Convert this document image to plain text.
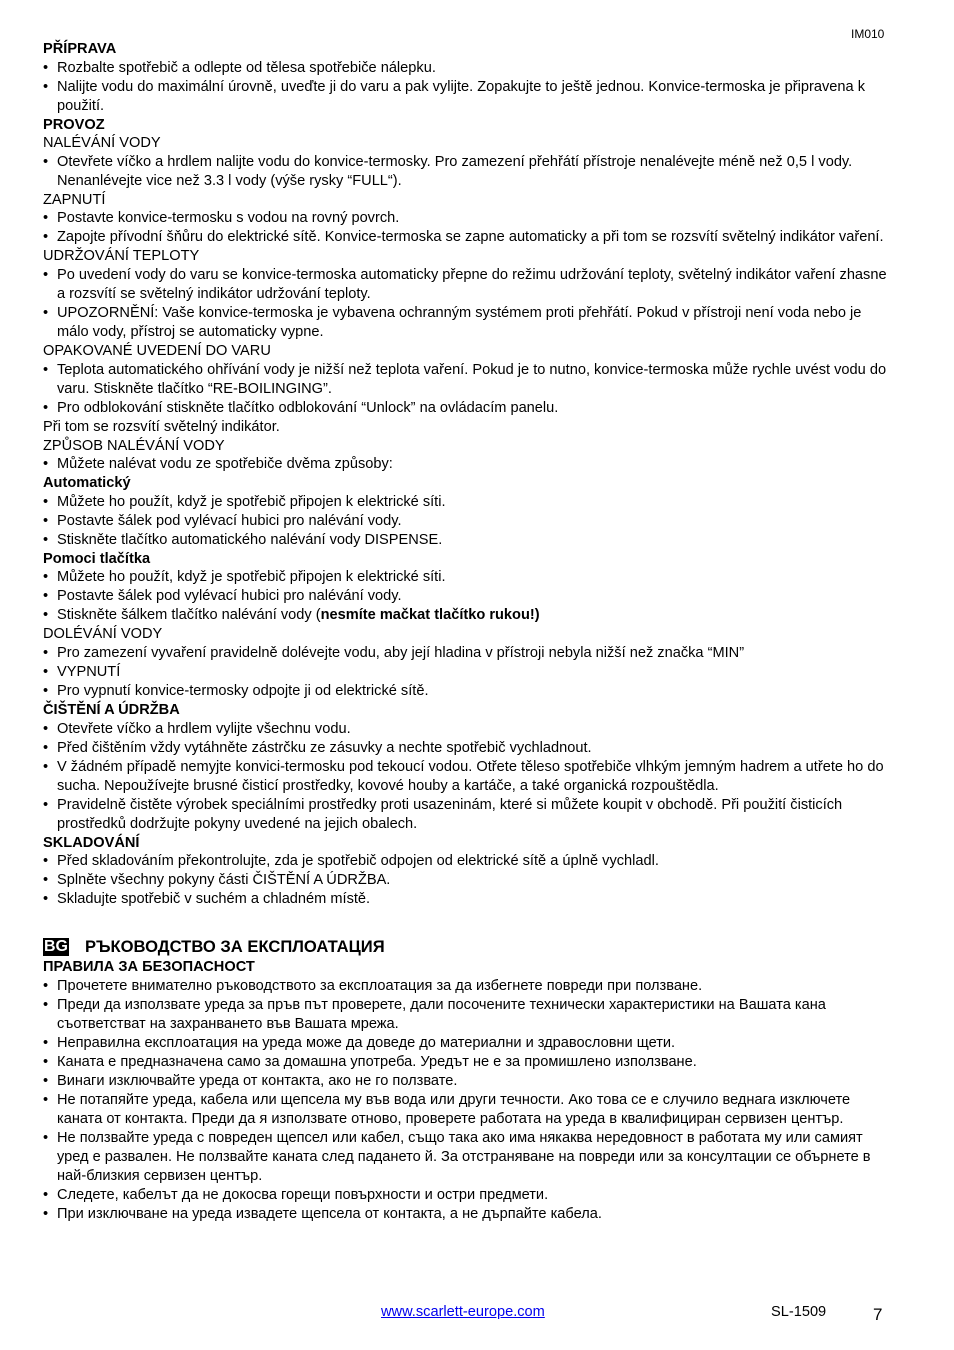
IM010
PŘÍPRAVA
• Rozbalte spotřebič a odlepte od tělesa spotřebiče nálepku.
• Nalijte vodu do maximální úrovně, uveďte ji do varu a pak vylijte. Zopakujte to ještě jednou. Konvice-termoska je připravena k použití.
PROVOZ
NALÉVÁNÍ VODY
• Otevřete víčko a hrdlem nalijte vodu do konvice-termosky. Pro zamezení přehřátí přístroje nenalévejte méně než 0,5 l vody. Nenanlévejte vice než 3.3 l vody (výše rysky “FULL“).
ZAPNUTÍ
• Postavte konvice-termosku s vodou na rovný povrch.
• Zapojte přívodní šňůru do elektrické sítě. Konvice-termoska se zapne automaticky a při tom se rozsvítí světelný indikátor vaření.
UDRŽOVÁNÍ TEPLOTY
• Po uvedení vody do varu se konvice-termoska automaticky přepne do režimu udržování teploty, světelný indikátor vaření zhasne a rozsvítí se světelný indikátor udržování teploty.
• UPOZORNĚNÍ: Vaše konvice-termoska je vybavena ochranným systémem proti přehřátí. Pokud v přístroji není voda nebo je málo vody, přístroj se automaticky vypne.
OPAKOVANÉ UVEDENÍ DO VARU
• Teplota automatického ohřívání vody je nižší než teplota vaření. Pokud je to nutno, konvice-termoska může rychle uvést vodu do varu. Stiskněte tlačítko “RE-BOILINGING”.
• Pro odblokování stiskněte tlačítko odblokování “Unlock” na ovládacím panelu.
Při tom se rozsvítí světelný indikátor.
ZPŮSOB NALÉVÁNÍ VODY
• Můžete nalévat vodu ze spotřebiče dvěma způsoby:
Automatický
• Můžete ho použít, když je spotřebič připojen k elektrické síti.
• Postavte šálek pod vylévací hubici pro nalévání vody.
• Stiskněte tlačítko automatického nalévání vody DISPENSE.
Pomoci tlačítka
• Můžete ho použít, když je spotřebič připojen k elektrické síti.
• Postavte šálek pod vylévací hubici pro nalévání vody.
• Stiskněte šálkem tlačítko nalévání vody (nesmíte mačkat tlačítko rukou!)
DOLÉVÁNÍ VODY
• Pro zamezení vyvaření pravidelně dolévejte vodu, aby její hladina v přístroji nebyla nižší než značka “MIN”
• VYPNUTÍ
• Pro vypnutí konvice-termosky odpojte ji od elektrické sítě.
ČIŠTĚNÍ A ÚDRŽBA
• Otevřete víčko a hrdlem vylijte všechnu vodu.
• Před čištěním vždy vytáhněte zástrčku ze zásuvky a nechte spotřebič vychladnout.
• V žádném případě nemyjte konvici-termosku pod tekoucí vodou. Otřete těleso spotřebiče vlhkým jemným hadrem a utřete ho do sucha. Nepoužívejte brusné čisticí prostředky, kovové houby a kartáče, a také organická rozpouštědla.
• Pravidelně čistěte výrobek speciálními prostředky proti usazeninám, které si můžete koupit v obchodě. Při použití čisticích prostředků dodržujte pokyny uvedené na jejich obalech.
SKLADOVÁNÍ
• Před skladováním překontrolujte, zda je spotřebič odpojen od elektrické sítě a úplně vychladl.
• Splněte všechny pokyny části ČIŠTĚNÍ A ÚDRŽBA.
• Skladujte spotřebič v suchém a chladném místě.
BG РЪКОВОДСТВО ЗА ЕКСПЛОАТАЦИЯ
ПРАВИЛА ЗА БЕЗОПАСНОСТ
• Прочетете внимателно ръководството за експлоатация за да избегнете повреди при ползване.
• Преди да използвате уреда за пръв път проверете, дали посочените технически характеристики на Вашата кана съответстват на захранването във Вашата мрежа.
• Неправилна експлоатация на уреда може да доведе до материални и здравословни щети.
• Каната е предназначена само за домашна употреба. Уредът не е за промишлено използване.
• Винаги изключвайте уреда от контакта, ако не го ползвате.
• Не потапяйте уреда, кабела или щепсела му във вода или други течности. Ако това се е случило веднага изключете каната от контакта. Преди да я използвате отново, проверете работата на уреда в квалифициран сервизен център.
• Не ползвайте уреда с повреден щепсел или кабел, също така ако има някаква нередовност в работата му или самият уред е развален. Не ползвайте каната след падането й. За отстраняване на повреди или за консултации се обърнете в най-близкия сервизен център.
• Следете, кабелът да не докосва горещи повърхности и остри предмети.
• При изключване на уреда извадете щепсела от контакта, а не дърпайте кабела.
www.scarlett-europe.com	SL-1509	7
